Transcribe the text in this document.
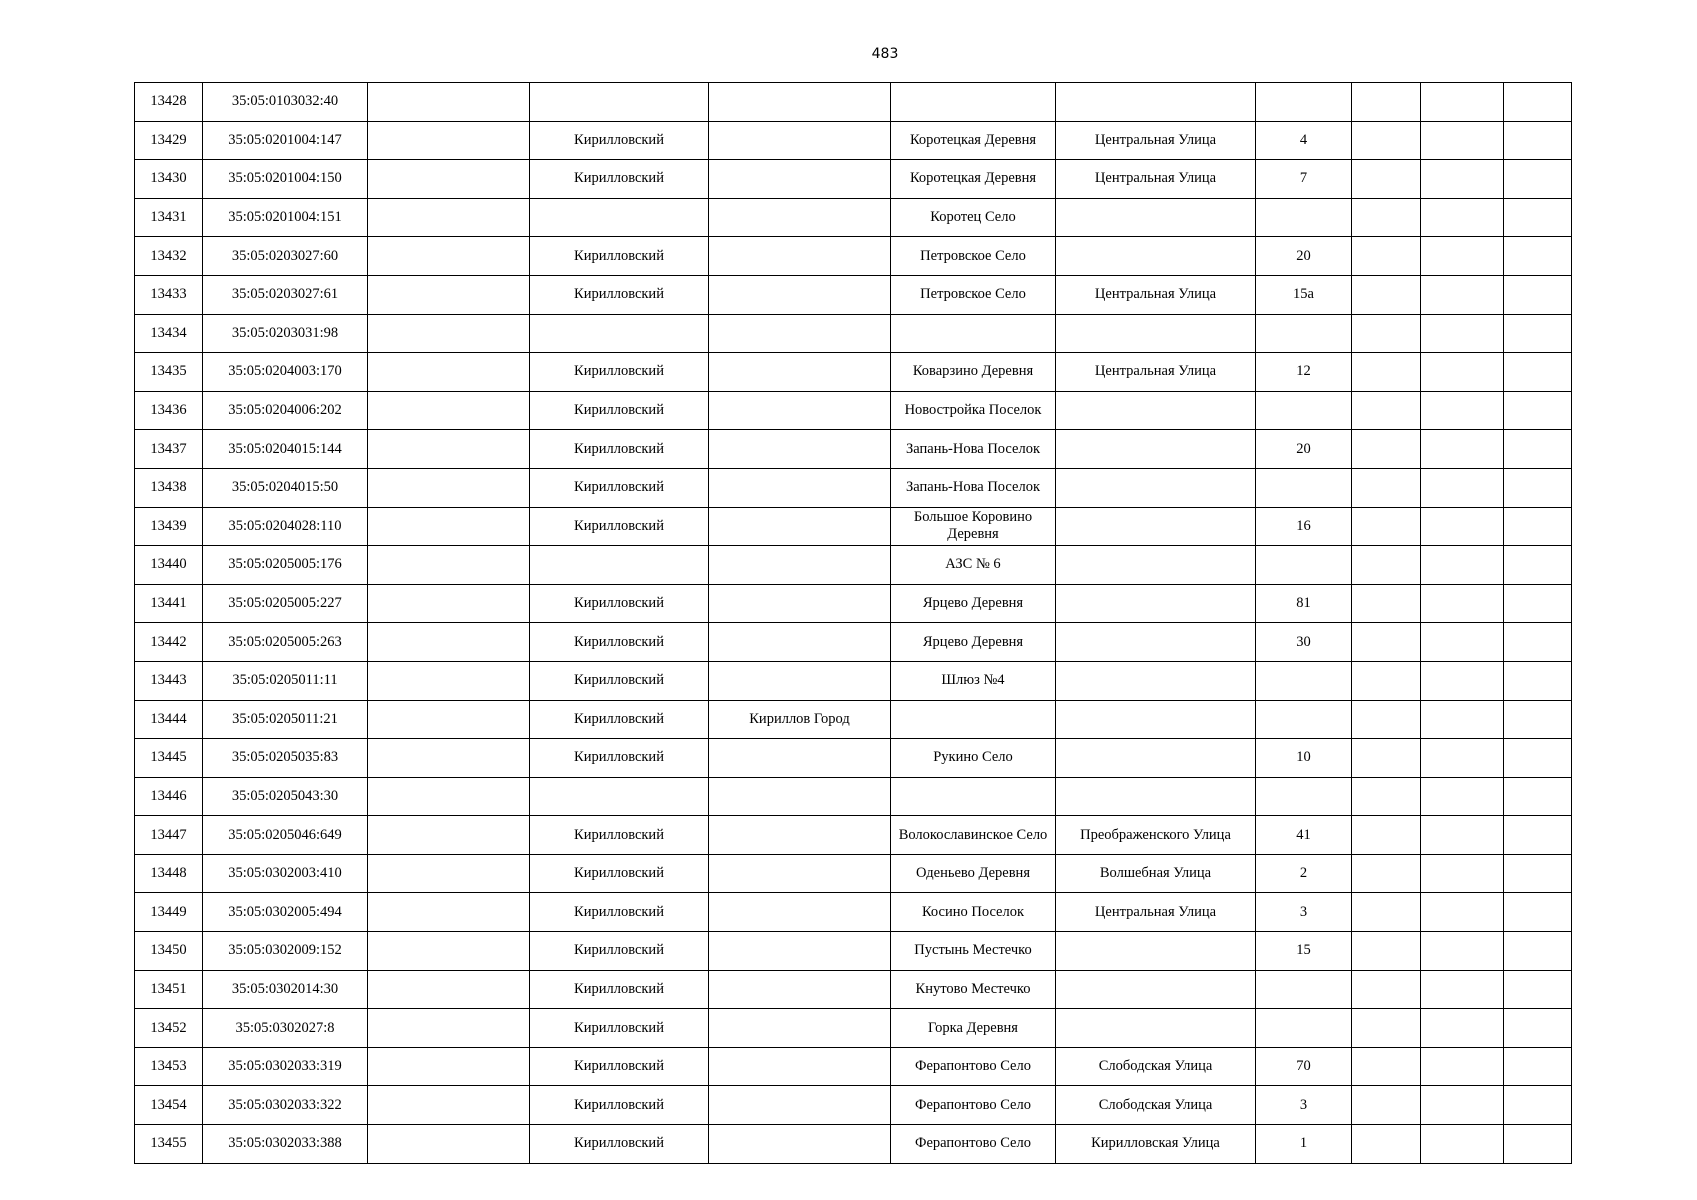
483
13428	35:05:0103032:40									
13429	35:05:0201004:147		Кирилловский		Коротецкая Деревня	Центральная Улица	4			
13430	35:05:0201004:150		Кирилловский		Коротецкая Деревня	Центральная Улица	7			
13431	35:05:0201004:151				Коротец Село					
13432	35:05:0203027:60		Кирилловский		Петровское Село		20			
13433	35:05:0203027:61		Кирилловский		Петровское Село	Центральная Улица	15а			
13434	35:05:0203031:98									
13435	35:05:0204003:170		Кирилловский		Коварзино Деревня	Центральная Улица	12			
13436	35:05:0204006:202		Кирилловский		Новостройка Поселок					
13437	35:05:0204015:144		Кирилловский		Запань-Нова Поселок		20			
13438	35:05:0204015:50		Кирилловский		Запань-Нова Поселок					
13439	35:05:0204028:110		Кирилловский		Большое Коровино Деревня		16			
13440	35:05:0205005:176				АЗС № 6					
13441	35:05:0205005:227		Кирилловский		Ярцево Деревня		81			
13442	35:05:0205005:263		Кирилловский		Ярцево Деревня		30			
13443	35:05:0205011:11		Кирилловский		Шлюз №4					
13444	35:05:0205011:21		Кирилловский	Кириллов Город						
13445	35:05:0205035:83		Кирилловский		Рукино Село		10			
13446	35:05:0205043:30									
13447	35:05:0205046:649		Кирилловский		Волокославинское Село	Преображенского Улица	41			
13448	35:05:0302003:410		Кирилловский		Оденьево Деревня	Волшебная Улица	2			
13449	35:05:0302005:494		Кирилловский		Косино Поселок	Центральная Улица	3			
13450	35:05:0302009:152		Кирилловский		Пустынь Местечко		15			
13451	35:05:0302014:30		Кирилловский		Кнутово Местечко					
13452	35:05:0302027:8		Кирилловский		Горка Деревня					
13453	35:05:0302033:319		Кирилловский		Ферапонтово Село	Слободская Улица	70			
13454	35:05:0302033:322		Кирилловский		Ферапонтово Село	Слободская Улица	3			
13455	35:05:0302033:388		Кирилловский		Ферапонтово Село	Кирилловская Улица	1			
